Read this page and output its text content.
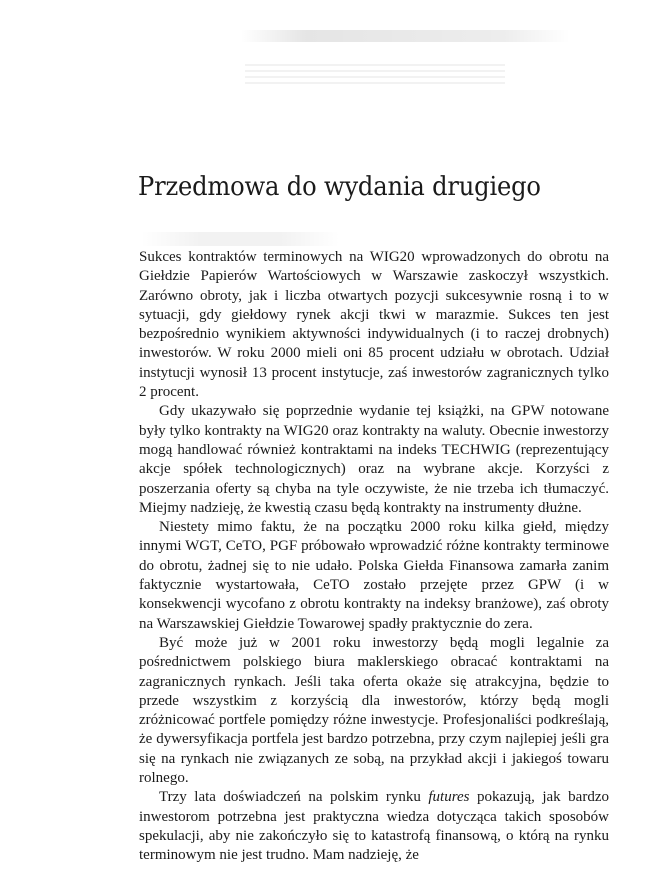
Przedmowa do wydania drugiego

Sukces kontraktów terminowych na WIG20 wprowadzonych do obrotu na Giełdzie Papierów Wartościowych w Warszawie zaskoczył wszystkich. Zarówno obroty, jak i liczba otwartych pozycji sukcesywnie rosną i to w sytuacji, gdy giełdowy rynek akcji tkwi w marazmie. Sukces ten jest bezpośrednio wynikiem aktywności indywidualnych (i to raczej drobnych) inwestorów. W roku 2000 mieli oni 85 procent udziału w obrotach. Udział instytucji wynosił 13 procent instytucje, zaś inwestorów zagranicznych tylko 2 procent.

Gdy ukazywało się poprzednie wydanie tej książki, na GPW notowane były tylko kontrakty na WIG20 oraz kontrakty na waluty. Obecnie inwestorzy mogą handlować również kontraktami na indeks TECHWIG (reprezentujący akcje spółek technologicznych) oraz na wybrane akcje. Korzyści z poszerzania oferty są chyba na tyle oczywiste, że nie trzeba ich tłumaczyć. Miejmy nadzieję, że kwestią czasu będą kontrakty na instrumenty dłużne.

Niestety mimo faktu, że na początku 2000 roku kilka giełd, między innymi WGT, CeTO, PGF próbowało wprowadzić różne kontrakty terminowe do obrotu, żadnej się to nie udało. Polska Giełda Finansowa zamarła zanim faktycznie wystartowała, CeTO zostało przejęte przez GPW (i w konsekwencji wycofano z obrotu kontrakty na indeksy branżowe), zaś obroty na Warszawskiej Giełdzie Towarowej spadły praktycznie do zera.

Być może już w 2001 roku inwestorzy będą mogli legalnie za pośrednictwem polskiego biura maklerskiego obracać kontraktami na zagranicznych rynkach. Jeśli taka oferta okaże się atrakcyjna, będzie to przede wszystkim z korzyścią dla inwestorów, którzy będą mogli zróżnicować portfele pomiędzy różne inwestycje. Profesjonaliści podkreślają, że dywersyfikacja portfela jest bardzo potrzebna, przy czym najlepiej jeśli gra się na rynkach nie związanych ze sobą, na przykład akcji i jakiegoś towaru rolnego.

Trzy lata doświadczeń na polskim rynku futures pokazują, jak bardzo inwestorom potrzebna jest praktyczna wiedza dotycząca takich sposobów spekulacji, aby nie zakończyło się to katastrofą finansową, o którą na rynku terminowym nie jest trudno. Mam nadzieję, że
